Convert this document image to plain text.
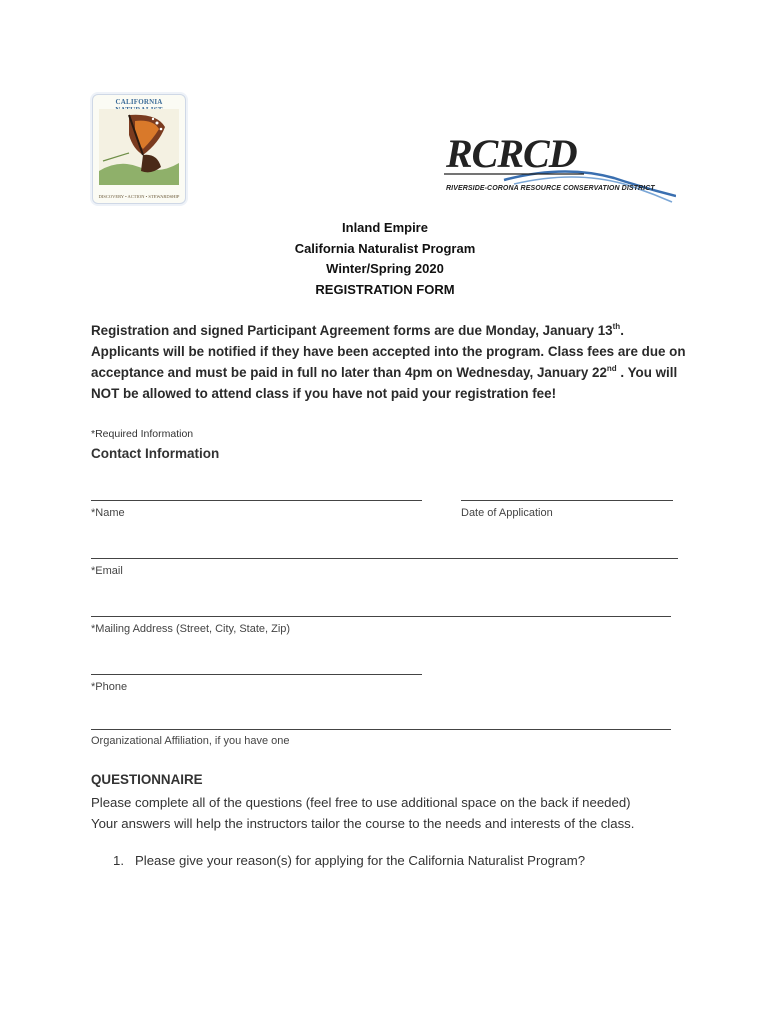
CALIFORNIA
DISCOVERY • ACTION • STEWARDSHIP
RCRCD
RIVERSIDE-CORONA RESOURCE CONSERVATION DISTRICT
Inland Empire
California Naturalist Program
Winter/Spring 2020
REGISTRATION FORM
Registration and signed Participant Agreement forms are due Monday, January 13th.
Applicants will be notified if they have been accepted into the program. Class fees are due on
acceptance and must be paid in full no later than 4pm on Wednesday, January 22nd . You will
NOT be allowed to attend class if you have not paid your registration fee!
*Required Information
Contact Information
*Name	Date of Application
*Email
*Mailing Address (Street, City, State, Zip)
*Phone
Organizational Affiliation, if you have one
QUESTIONNAIRE
Please complete all of the questions (feel free to use additional space on the back if needed)
Your answers will help the instructors tailor the course to the needs and interests of the class.
1. Please give your reason(s) for applying for the California Naturalist Program?
